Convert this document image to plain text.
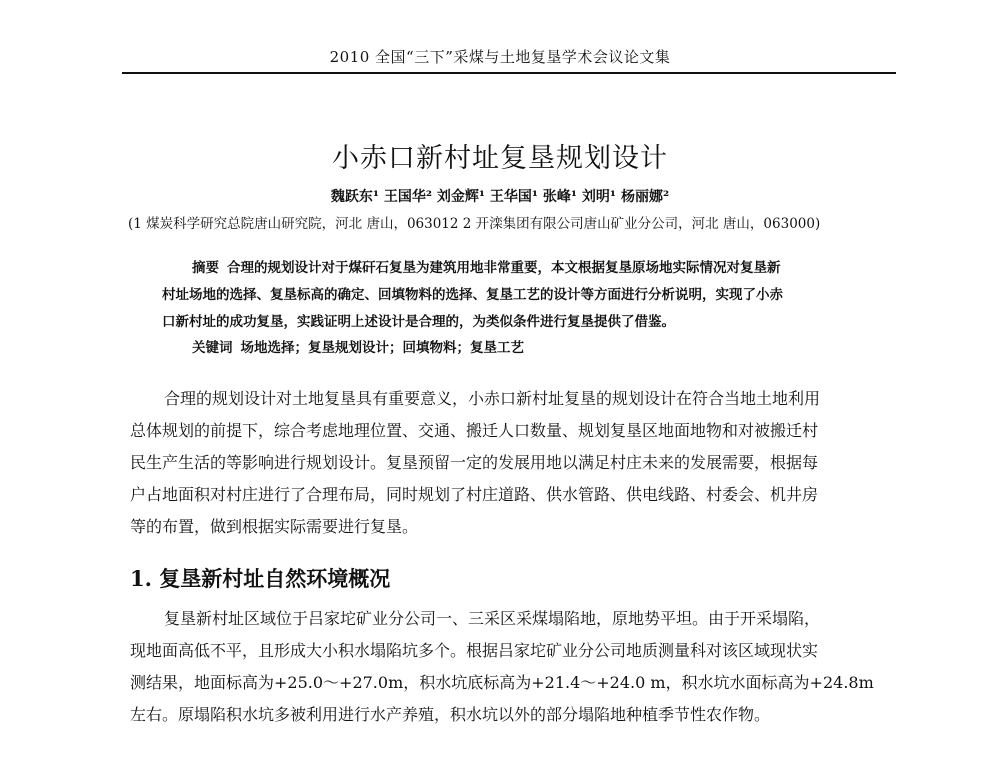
2010 全国“三下”采煤与土地复垦学术会议论文集
小赤口新村址复垦规划设计
魏跃东¹ 王国华² 刘金辉¹ 王华国¹ 张峰¹ 刘明¹ 杨丽娜²
(1 煤炭科学研究总院唐山研究院，河北 唐山，063012 2 开滦集团有限公司唐山矿业分公司，河北 唐山，063000)
摘要 合理的规划设计对于煤矸石复垦为建筑用地非常重要，本文根据复垦原场地实际情况对复垦新
村址场地的选择、复垦标高的确定、回填物料的选择、复垦工艺的设计等方面进行分析说明，实现了小赤
口新村址的成功复垦，实践证明上述设计是合理的，为类似条件进行复垦提供了借鉴。
关键词 场地选择；复垦规划设计；回填物料；复垦工艺
合理的规划设计对土地复垦具有重要意义，小赤口新村址复垦的规划设计在符合当地土地利用
总体规划的前提下，综合考虑地理位置、交通、搬迁人口数量、规划复垦区地面地物和对被搬迁村
民生产生活的等影响进行规划设计。复垦预留一定的发展用地以满足村庄未来的发展需要，根据每
户占地面积对村庄进行了合理布局，同时规划了村庄道路、供水管路、供电线路、村委会、机井房
等的布置，做到根据实际需要进行复垦。
1. 复垦新村址自然环境概况
复垦新村址区域位于吕家坨矿业分公司一、三采区采煤塌陷地，原地势平坦。由于开采塌陷，
现地面高低不平，且形成大小积水塌陷坑多个。根据吕家坨矿业分公司地质测量科对该区域现状实
测结果，地面标高为+25.0～+27.0m，积水坑底标高为+21.4～+24.0 m，积水坑水面标高为+24.8m
左右。原塌陷积水坑多被利用进行水产养殖，积水坑以外的部分塌陷地种植季节性农作物。
